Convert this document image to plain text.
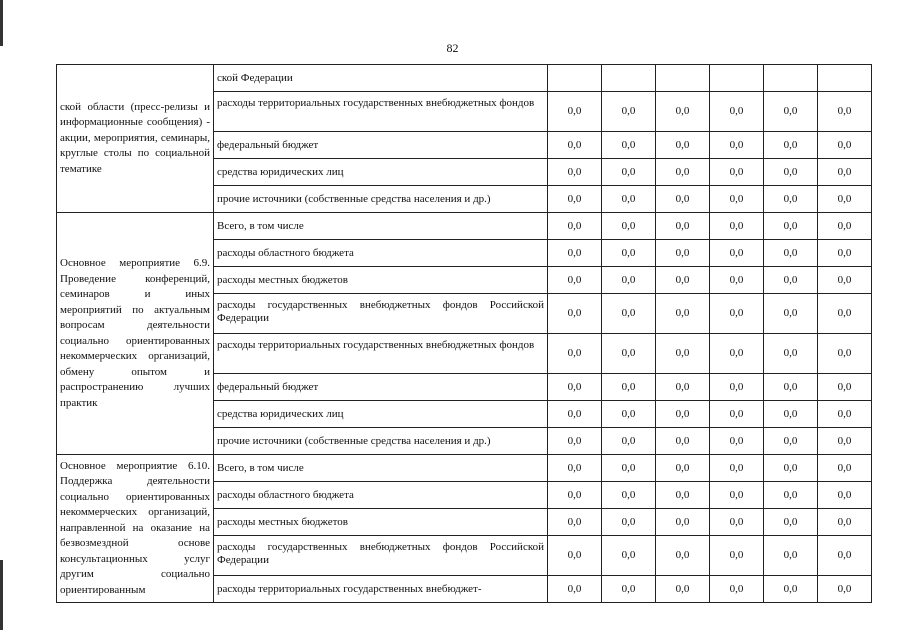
82
ской области (пресс-релизы и информационные сообщения) - акции, мероприятия, семинары, круглые столы по социальной тематике	ской Федерации						
	расходы территориальных государственных внебюджетных фондов	0,0	0,0	0,0	0,0	0,0	0,0
	федеральный бюджет	0,0	0,0	0,0	0,0	0,0	0,0
	средства юридических лиц	0,0	0,0	0,0	0,0	0,0	0,0
	прочие источники (собственные средства населения и др.)	0,0	0,0	0,0	0,0	0,0	0,0
Основное мероприятие 6.9. Проведение конференций, семинаров и иных мероприятий по актуальным вопросам деятельности социально ориентированных некоммерческих организаций, обмену опытом и распространению лучших практик	Всего, в том числе	0,0	0,0	0,0	0,0	0,0	0,0
	расходы областного бюджета	0,0	0,0	0,0	0,0	0,0	0,0
	расходы местных бюджетов	0,0	0,0	0,0	0,0	0,0	0,0
	расходы государственных внебюджетных фондов Российской Федерации	0,0	0,0	0,0	0,0	0,0	0,0
	расходы территориальных государственных внебюджетных фондов	0,0	0,0	0,0	0,0	0,0	0,0
	федеральный бюджет	0,0	0,0	0,0	0,0	0,0	0,0
	средства юридических лиц	0,0	0,0	0,0	0,0	0,0	0,0
	прочие источники (собственные средства населения и др.)	0,0	0,0	0,0	0,0	0,0	0,0
Основное мероприятие 6.10. Поддержка деятельности социально ориентированных некоммерческих организаций, направленной на оказание на безвозмездной основе консультационных услуг другим социально ориентированным	Всего, в том числе	0,0	0,0	0,0	0,0	0,0	0,0
	расходы областного бюджета	0,0	0,0	0,0	0,0	0,0	0,0
	расходы местных бюджетов	0,0	0,0	0,0	0,0	0,0	0,0
	расходы государственных внебюджетных фондов Российской Федерации	0,0	0,0	0,0	0,0	0,0	0,0
	расходы территориальных государственных внебюджет-	0,0	0,0	0,0	0,0	0,0	0,0
